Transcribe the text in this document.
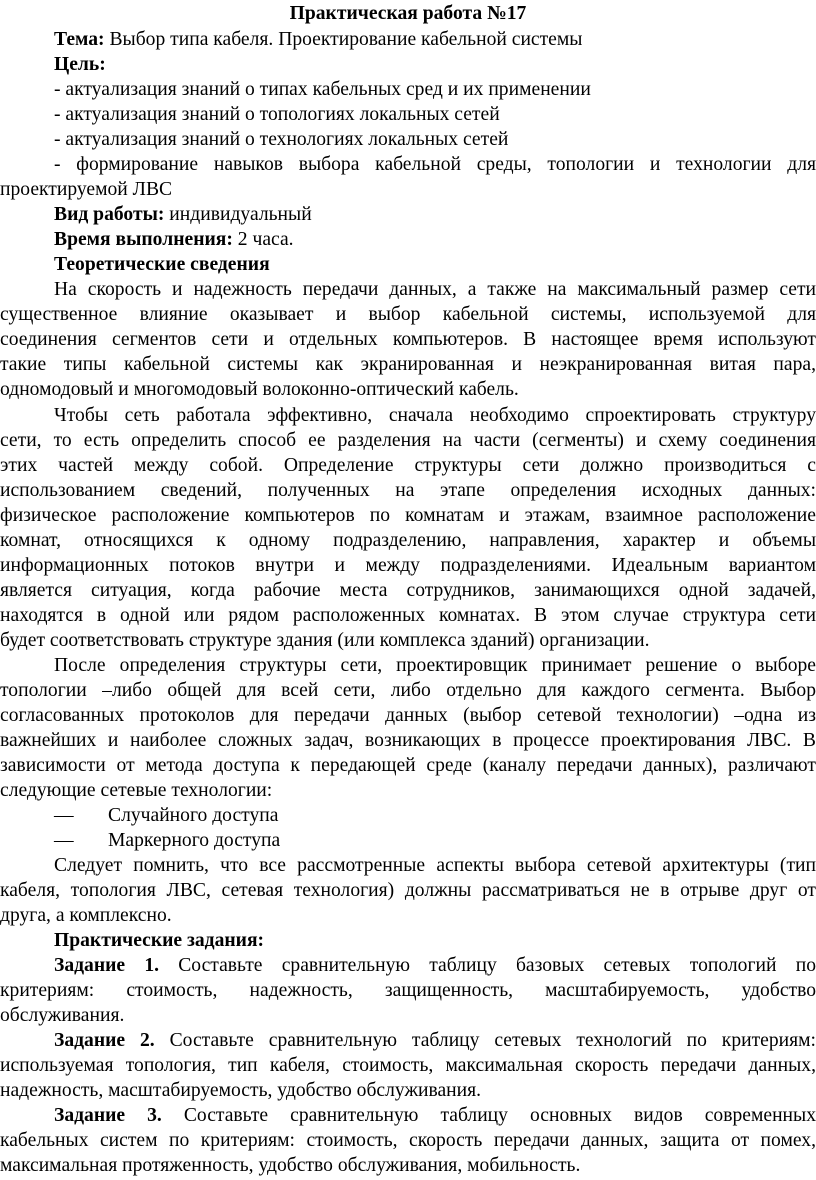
Практическая работа №17
Тема: Выбор типа кабеля. Проектирование кабельной системы
Цель:
- актуализация знаний о типах кабельных сред и их применении
- актуализация знаний о топологиях локальных сетей
- актуализация знаний о технологиях локальных сетей
- формирование навыков выбора кабельной среды, топологии и технологии для
проектируемой ЛВС
Вид работы: индивидуальный
Время выполнения: 2 часа.
Теоретические сведения
На скорость и надежность передачи данных, а также на максимальный размер сети
существенное влияние оказывает и выбор кабельной системы, используемой для
соединения сегментов сети и отдельных компьютеров. В настоящее время используют
такие типы кабельной системы как экранированная и неэкранированная витая пара,
одномодовый и многомодовый волоконно-оптический кабель.
Чтобы сеть работала эффективно, сначала необходимо спроектировать структуру
сети, то есть определить способ ее разделения на части (сегменты) и схему соединения
этих частей между собой. Определение структуры сети должно производиться с
использованием сведений, полученных на этапе определения исходных данных:
физическое расположение компьютеров по комнатам и этажам, взаимное расположение
комнат, относящихся к одному подразделению, направления, характер и объемы
информационных потоков внутри и между подразделениями. Идеальным вариантом
является ситуация, когда рабочие места сотрудников, занимающихся одной задачей,
находятся в одной или рядом расположенных комнатах. В этом случае структура сети
будет соответствовать структуре здания (или комплекса зданий) организации.
После определения структуры сети, проектировщик принимает решение о выборе
топологии –либо общей для всей сети, либо отдельно для каждого сегмента. Выбор
согласованных протоколов для передачи данных (выбор сетевой технологии) –одна из
важнейших и наиболее сложных задач, возникающих в процессе проектирования ЛВС. В
зависимости от метода доступа к передающей среде (каналу передачи данных), различают
следующие сетевые технологии:
— Случайного доступа
— Маркерного доступа
Следует помнить, что все рассмотренные аспекты выбора сетевой архитектуры (тип
кабеля, топология ЛВС, сетевая технология) должны рассматриваться не в отрыве друг от
друга, а комплексно.
Практические задания:
Задание 1. Составьте сравнительную таблицу базовых сетевых топологий по
критериям: стоимость, надежность, защищенность, масштабируемость, удобство
обслуживания.
Задание 2. Составьте сравнительную таблицу сетевых технологий по критериям:
используемая топология, тип кабеля, стоимость, максимальная скорость передачи данных,
надежность, масштабируемость, удобство обслуживания.
Задание 3. Составьте сравнительную таблицу основных видов современных
кабельных систем по критериям: стоимость, скорость передачи данных, защита от помех,
максимальная протяженность, удобство обслуживания, мобильность.
